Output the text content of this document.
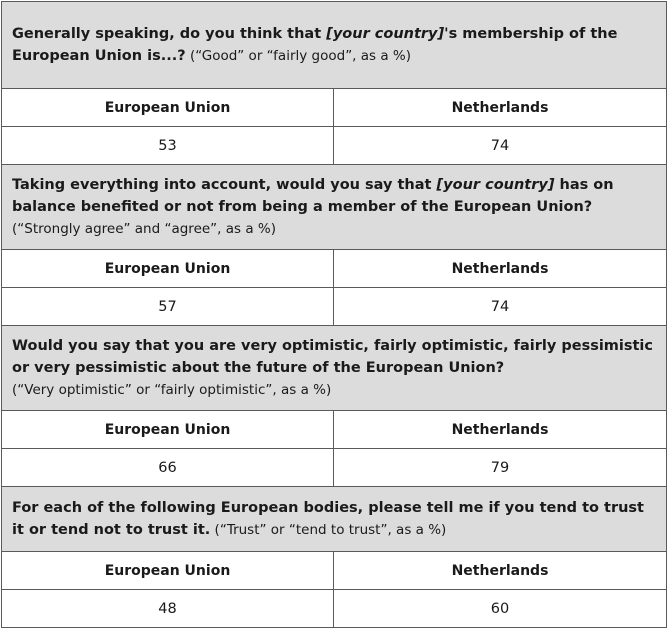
Generally speaking, do you think that [your country]'s membership of the European Union is...? (“Good” or “fairly good”, as a %)	
European Union	Netherlands
53	74
Taking everything into account, would you say that [your country] has on balance benefited or not from being a member of the European Union?
(“Strongly agree” and “agree”, as a %)	
European Union	Netherlands
57	74
Would you say that you are very optimistic, fairly optimistic, fairly pessimistic or very pessimistic about the future of the European Union?
(“Very optimistic” or “fairly optimistic”, as a %)	
European Union	Netherlands
66	79
For each of the following European bodies, please tell me if you tend to trust it or tend not to trust it. (“Trust” or “tend to trust”, as a %)	
European Union	Netherlands
48	60
